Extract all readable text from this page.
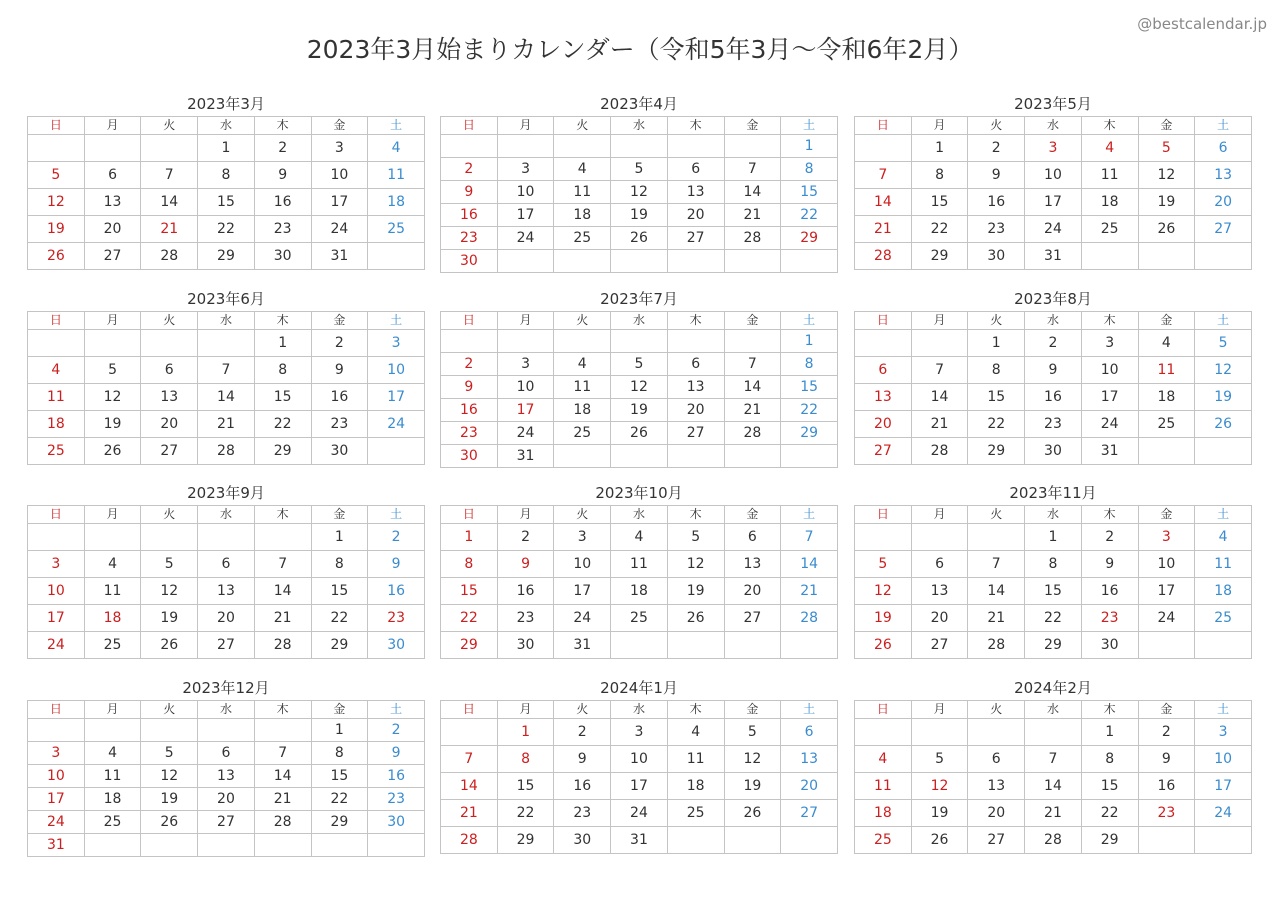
2023年3月始まりカレンダー（令和5年3月〜令和6年2月）
@bestcalendar.jp
2023年3月
日	月	火	水	木	金	土
			1	2	3	4
5	6	7	8	9	10	11
12	13	14	15	16	17	18
19	20	21	22	23	24	25
26	27	28	29	30	31	
2023年4月
日	月	火	水	木	金	土
						1
2	3	4	5	6	7	8
9	10	11	12	13	14	15
16	17	18	19	20	21	22
23	24	25	26	27	28	29
30						
2023年5月
日	月	火	水	木	金	土
	1	2	3	4	5	6
7	8	9	10	11	12	13
14	15	16	17	18	19	20
21	22	23	24	25	26	27
28	29	30	31			
2023年6月
日	月	火	水	木	金	土
				1	2	3
4	5	6	7	8	9	10
11	12	13	14	15	16	17
18	19	20	21	22	23	24
25	26	27	28	29	30	
2023年7月
日	月	火	水	木	金	土
						1
2	3	4	5	6	7	8
9	10	11	12	13	14	15
16	17	18	19	20	21	22
23	24	25	26	27	28	29
30	31					
2023年8月
日	月	火	水	木	金	土
		1	2	3	4	5
6	7	8	9	10	11	12
13	14	15	16	17	18	19
20	21	22	23	24	25	26
27	28	29	30	31		
2023年9月
日	月	火	水	木	金	土
					1	2
3	4	5	6	7	8	9
10	11	12	13	14	15	16
17	18	19	20	21	22	23
24	25	26	27	28	29	30
2023年10月
日	月	火	水	木	金	土
1	2	3	4	5	6	7
8	9	10	11	12	13	14
15	16	17	18	19	20	21
22	23	24	25	26	27	28
29	30	31				
2023年11月
日	月	火	水	木	金	土
			1	2	3	4
5	6	7	8	9	10	11
12	13	14	15	16	17	18
19	20	21	22	23	24	25
26	27	28	29	30		
2023年12月
日	月	火	水	木	金	土
					1	2
3	4	5	6	7	8	9
10	11	12	13	14	15	16
17	18	19	20	21	22	23
24	25	26	27	28	29	30
31						
2024年1月
日	月	火	水	木	金	土
	1	2	3	4	5	6
7	8	9	10	11	12	13
14	15	16	17	18	19	20
21	22	23	24	25	26	27
28	29	30	31			
2024年2月
日	月	火	水	木	金	土
				1	2	3
4	5	6	7	8	9	10
11	12	13	14	15	16	17
18	19	20	21	22	23	24
25	26	27	28	29		
